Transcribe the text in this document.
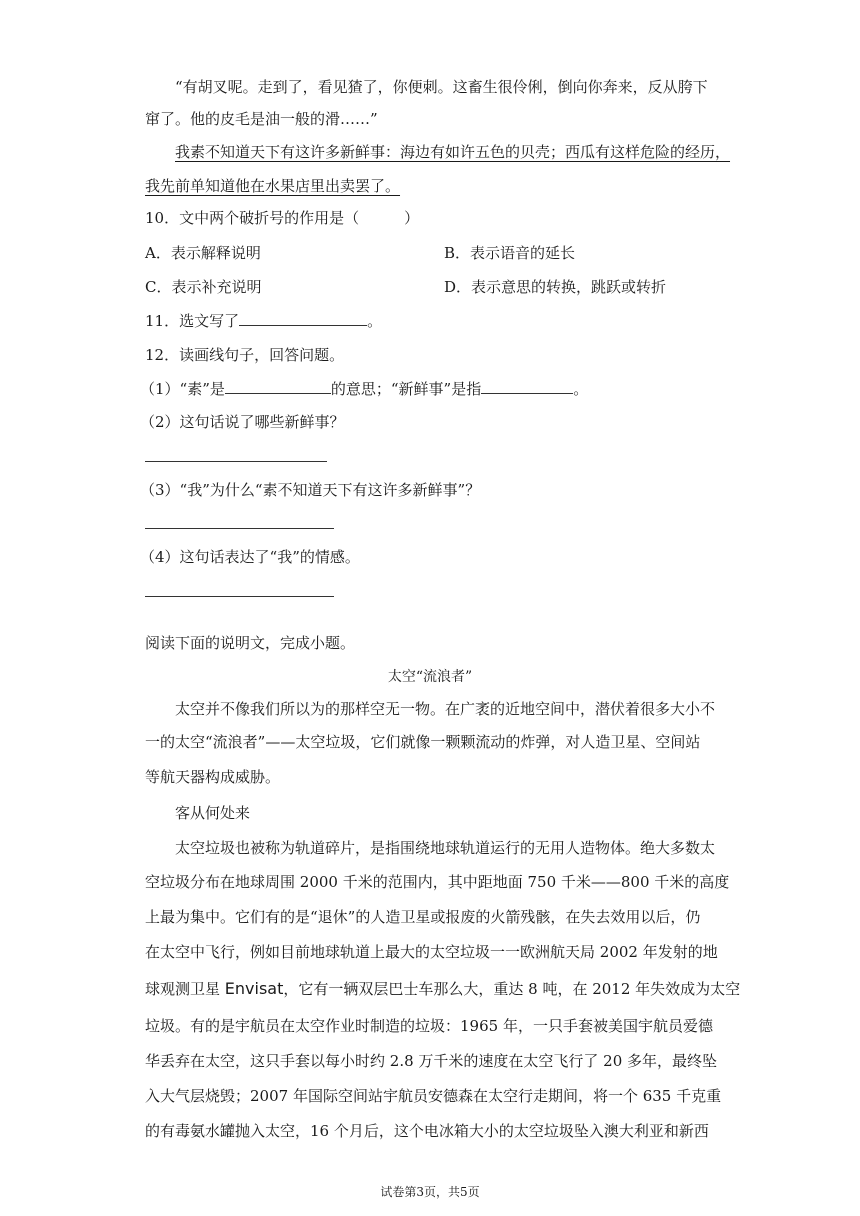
“有胡叉呢。走到了，看见猹了，你便刺。这畜生很伶俐，倒向你奔来，反从胯下
窜了。他的皮毛是油一般的滑……”
我素不知道天下有这许多新鲜事：海边有如许五色的贝壳；西瓜有这样危险的经历，
我先前单知道他在水果店里出卖罢了。
10．文中两个破折号的作用是（　　　）
A．表示解释说明	B．表示语音的延长
C．表示补充说明	D．表示意思的转换，跳跃或转折
11．选文写了	。
12．读画线句子，回答问题。
（1）“素”是	的意思；“新鲜事”是指	。
（2）这句话说了哪些新鲜事？
（3）“我”为什么“素不知道天下有这许多新鲜事”？
（4）这句话表达了“我”的情感。
阅读下面的说明文，完成小题。
太空“流浪者”
太空并不像我们所以为的那样空无一物。在广袤的近地空间中，潜伏着很多大小不
一的太空“流浪者”——太空垃圾，它们就像一颗颗流动的炸弹，对人造卫星、空间站
等航天器构成威胁。
客从何处来
太空垃圾也被称为轨道碎片，是指围绕地球轨道运行的无用人造物体。绝大多数太
空垃圾分布在地球周围 2000 千米的范围内，其中距地面 750 千米——800 千米的高度
上最为集中。它们有的是“退休”的人造卫星或报废的火箭残骸，在失去效用以后，仍
在太空中飞行，例如目前地球轨道上最大的太空垃圾一一欧洲航天局 2002 年发射的地
球观测卫星 Envisat，它有一辆双层巴士车那么大，重达 8 吨，在 2012 年失效成为太空
垃圾。有的是宇航员在太空作业时制造的垃圾：1965 年，一只手套被美国宇航员爱德
华丢弃在太空，这只手套以每小时约 2.8 万千米的速度在太空飞行了 20 多年，最终坠
入大气层烧毁；2007 年国际空间站宇航员安德森在太空行走期间，将一个 635 千克重
的有毒氨水罐抛入太空，16 个月后，这个电冰箱大小的太空垃圾坠入澳大利亚和新西
试卷第3页，共5页
